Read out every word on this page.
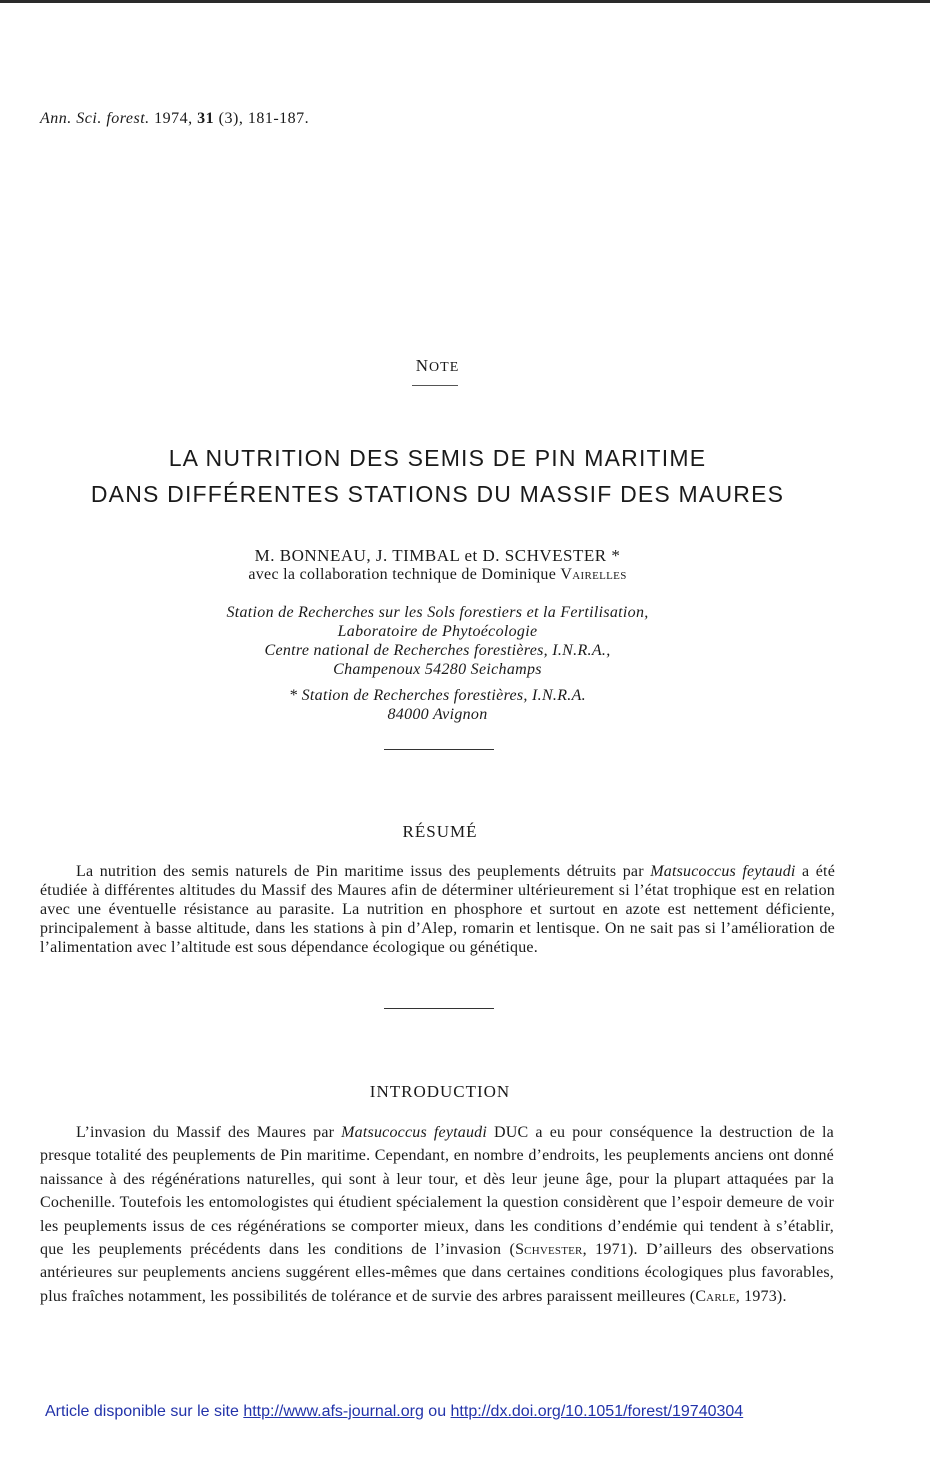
Ann. Sci. forest. 1974, 31 (3), 181-187.
NOTE
LA NUTRITION DES SEMIS DE PIN MARITIME
DANS DIFFÉRENTES STATIONS DU MASSIF DES MAURES
M. BONNEAU, J. TIMBAL et D. SCHVESTER *
avec la collaboration technique de Dominique Vairelles
Station de Recherches sur les Sols forestiers et la Fertilisation,
Laboratoire de Phytoécologie
Centre national de Recherches forestières, I.N.R.A.,
Champenoux 54280 Seichamps
* Station de Recherches forestières, I.N.R.A.
84000 Avignon
RÉSUMÉ
La nutrition des semis naturels de Pin maritime issus des peuplements détruits par Matsucoccus feytaudi a été étudiée à différentes altitudes du Massif des Maures afin de déterminer ultérieurement si l’état trophique est en relation avec une éventuelle résistance au parasite. La nutrition en phosphore et surtout en azote est nettement déficiente, principalement à basse altitude, dans les stations à pin d’Alep, romarin et lentisque. On ne sait pas si l’amélioration de l’alimentation avec l’altitude est sous dépendance écologique ou génétique.
INTRODUCTION
L’invasion du Massif des Maures par Matsucoccus feytaudi DUC a eu pour conséquence la destruction de la presque totalité des peuplements de Pin maritime. Cependant, en nombre d’endroits, les peuplements anciens ont donné naissance à des régénérations naturelles, qui sont à leur tour, et dès leur jeune âge, pour la plupart attaquées par la Cochenille. Toutefois les entomologistes qui étudient spécialement la question considèrent que l’espoir demeure de voir les peuplements issus de ces régénérations se comporter mieux, dans les conditions d’endémie qui tendent à s’établir, que les peuplements précédents dans les conditions de l’invasion (Schvester, 1971). D’ailleurs des observations antérieures sur peuplements anciens suggérent elles-mêmes que dans certaines conditions écologiques plus favorables, plus fraîches notamment, les possibilités de tolérance et de survie des arbres paraissent meilleures (Carle, 1973).
Article disponible sur le site http://www.afs-journal.org ou http://dx.doi.org/10.1051/forest/19740304
